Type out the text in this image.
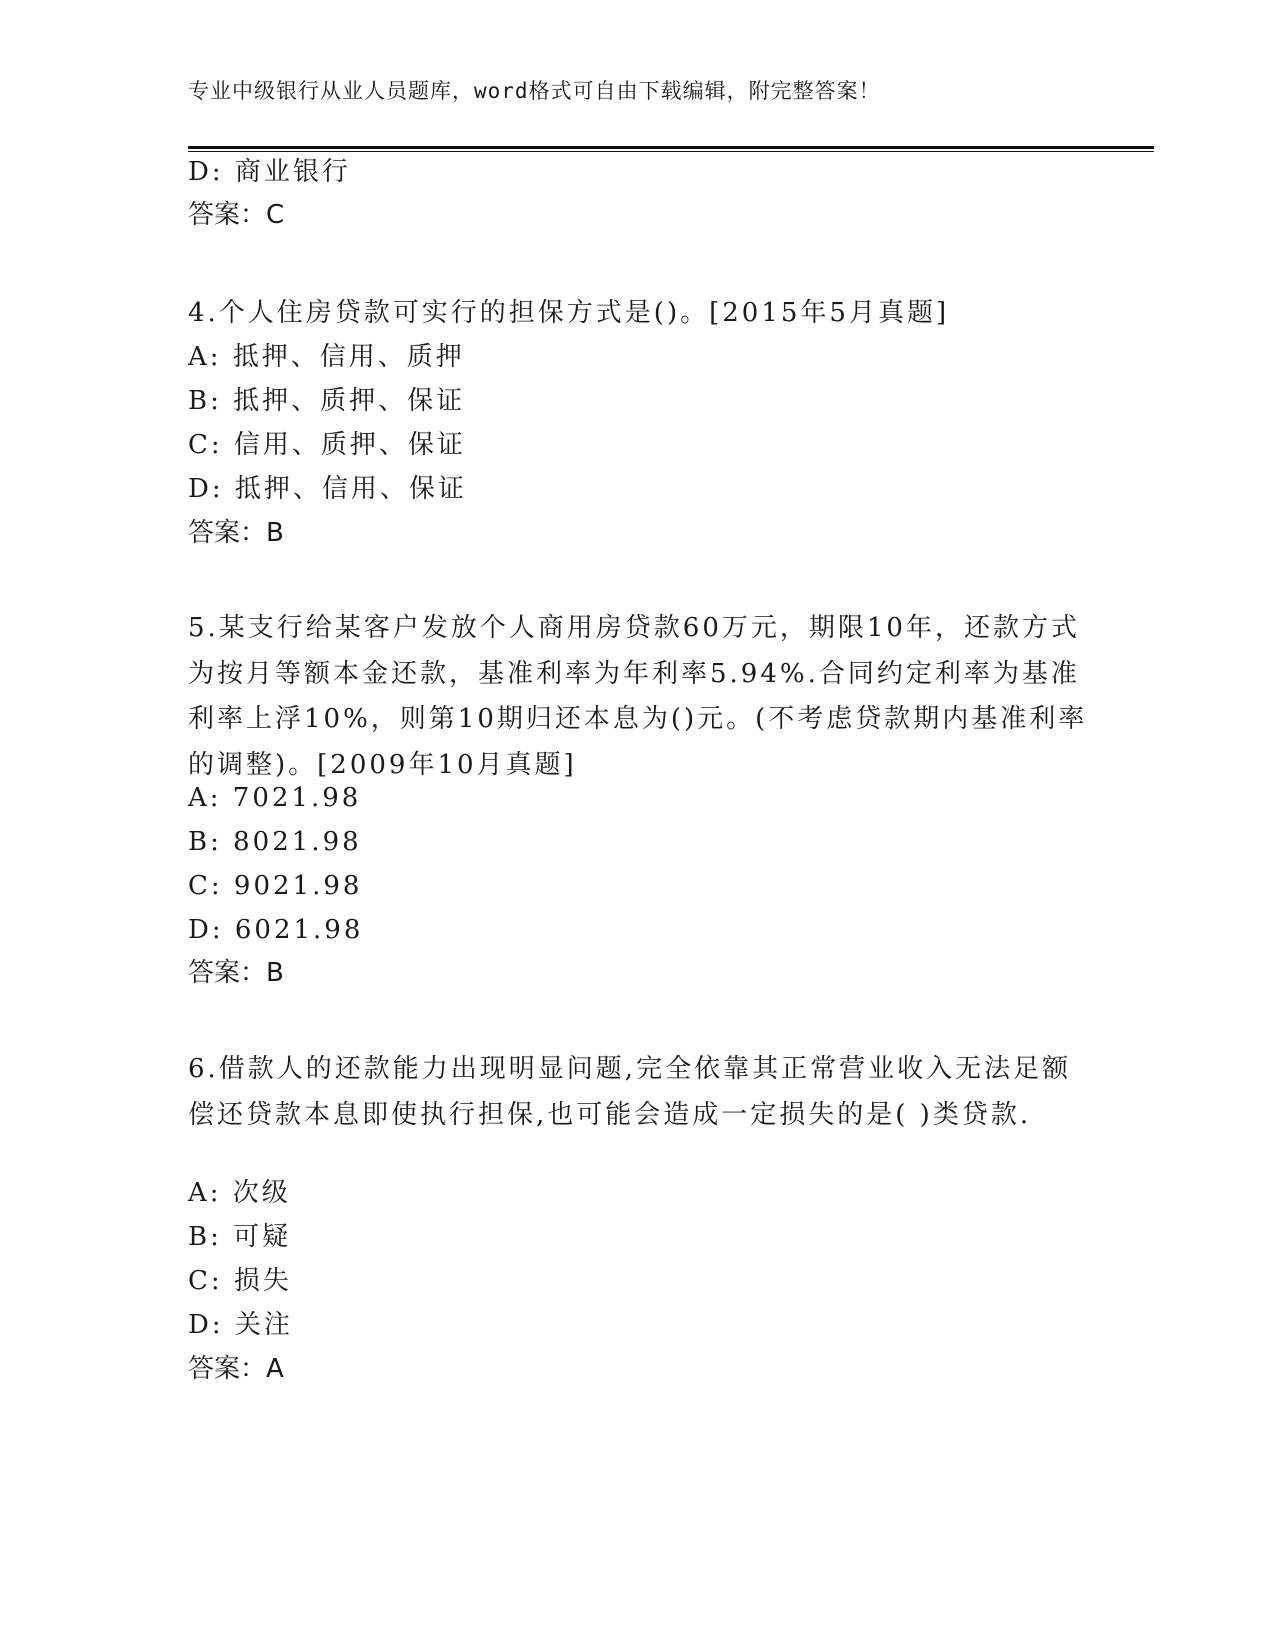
专业中级银行从业人员题库，word格式可自由下载编辑，附完整答案！
D: 商业银行
答案：C
4.个人住房贷款可实行的担保方式是()。[2015年5月真题]
A: 抵押、信用、质押
B: 抵押、质押、保证
C: 信用、质押、保证
D: 抵押、信用、保证
答案：B
5.某支行给某客户发放个人商用房贷款60万元，期限10年，还款方式为按月等额本金还款，基准利率为年利率5.94%.合同约定利率为基准利率上浮10%，则第10期归还本息为()元。(不考虑贷款期内基准利率的调整)。[2009年10月真题]
A: 7021.98
B: 8021.98
C: 9021.98
D: 6021.98
答案：B
6.借款人的还款能力出现明显问题,完全依靠其正常营业收入无法足额偿还贷款本息即使执行担保,也可能会造成一定损失的是( )类贷款.
A: 次级
B: 可疑
C: 损失
D: 关注
答案：A
